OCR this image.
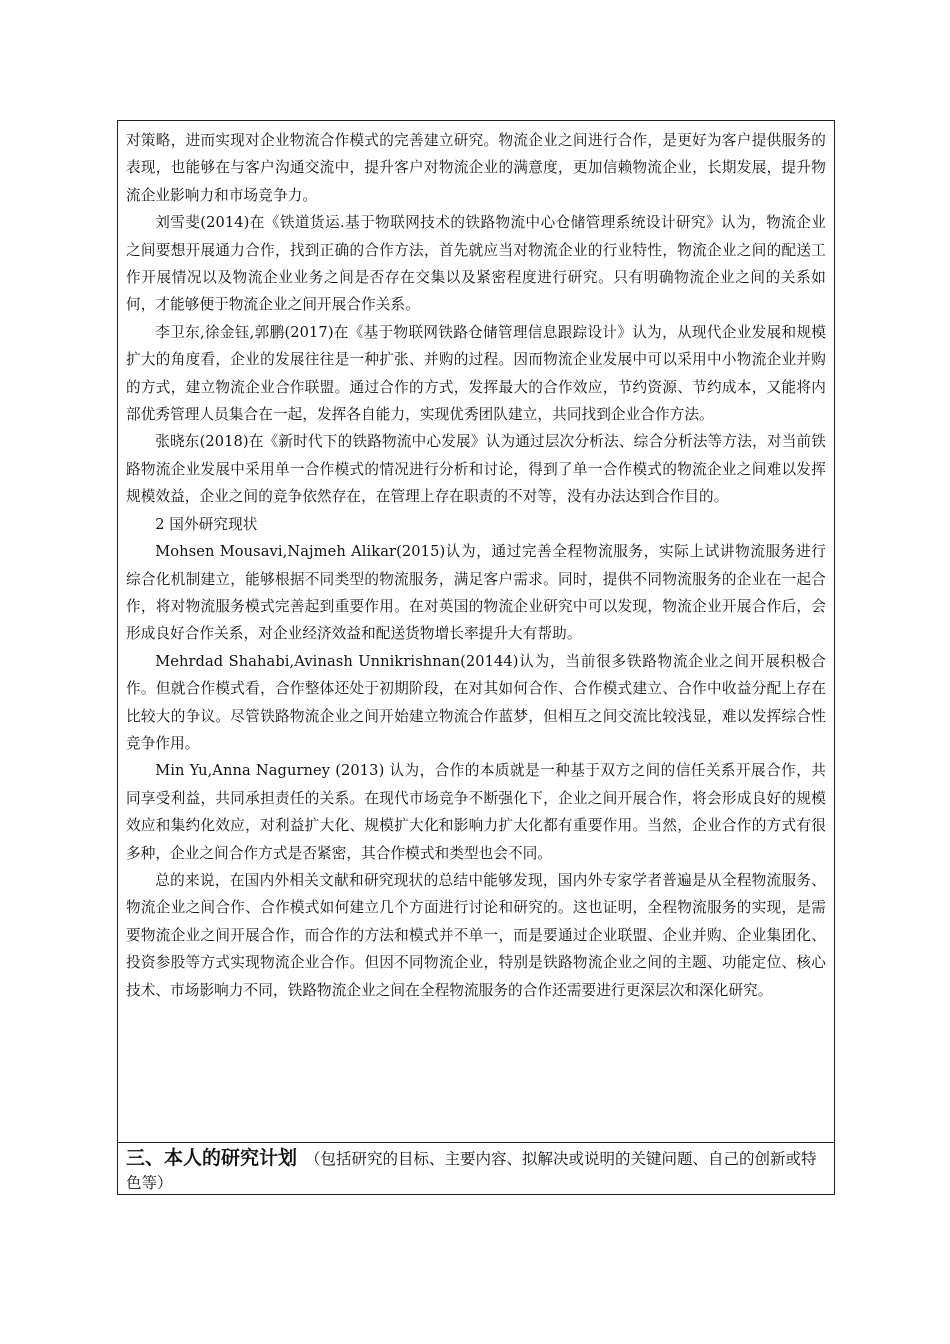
对策略，进而实现对企业物流合作模式的完善建立研究。物流企业之间进行合作，是更好为客户提供服务的表现，也能够在与客户沟通交流中，提升客户对物流企业的满意度，更加信赖物流企业，长期发展，提升物流企业影响力和市场竞争力。

刘雪斐(2014)在《铁道货运.基于物联网技术的铁路物流中心仓储管理系统设计研究》认为，物流企业之间要想开展通力合作，找到正确的合作方法，首先就应当对物流企业的行业特性，物流企业之间的配送工作开展情况以及物流企业业务之间是否存在交集以及紧密程度进行研究。只有明确物流企业之间的关系如何，才能够便于物流企业之间开展合作关系。

李卫东,徐金钰,郭鹏(2017)在《基于物联网铁路仓储管理信息跟踪设计》认为，从现代企业发展和规模扩大的角度看，企业的发展往往是一种扩张、并购的过程。因而物流企业发展中可以采用中小物流企业并购的方式，建立物流企业合作联盟。通过合作的方式，发挥最大的合作效应，节约资源、节约成本，又能将内部优秀管理人员集合在一起，发挥各自能力，实现优秀团队建立，共同找到企业合作方法。

张晓东(2018)在《新时代下的铁路物流中心发展》认为通过层次分析法、综合分析法等方法，对当前铁路物流企业发展中采用单一合作模式的情况进行分析和讨论，得到了单一合作模式的物流企业之间难以发挥规模效益，企业之间的竞争依然存在，在管理上存在职责的不对等，没有办法达到合作目的。

2 国外研究现状

Mohsen Mousavi,Najmeh Alikar(2015)认为，通过完善全程物流服务，实际上试讲物流服务进行综合化机制建立，能够根据不同类型的物流服务，满足客户需求。同时，提供不同物流服务的企业在一起合作，将对物流服务模式完善起到重要作用。在对英国的物流企业研究中可以发现，物流企业开展合作后，会形成良好合作关系，对企业经济效益和配送货物增长率提升大有帮助。

Mehrdad Shahabi,Avinash Unnikrishnan(20144)认为，当前很多铁路物流企业之间开展积极合作。但就合作模式看，合作整体还处于初期阶段，在对其如何合作、合作模式建立、合作中收益分配上存在比较大的争议。尽管铁路物流企业之间开始建立物流合作蓝梦，但相互之间交流比较浅显，难以发挥综合性竞争作用。

Min Yu,Anna Nagurney (2013) 认为，合作的本质就是一种基于双方之间的信任关系开展合作，共同享受利益，共同承担责任的关系。在现代市场竞争不断强化下，企业之间开展合作，将会形成良好的规模效应和集约化效应，对利益扩大化、规模扩大化和影响力扩大化都有重要作用。当然，企业合作的方式有很多种，企业之间合作方式是否紧密，其合作模式和类型也会不同。

总的来说，在国内外相关文献和研究现状的总结中能够发现，国内外专家学者普遍是从全程物流服务、物流企业之间合作、合作模式如何建立几个方面进行讨论和研究的。这也证明，全程物流服务的实现，是需要物流企业之间开展合作，而合作的方法和模式并不单一，而是要通过企业联盟、企业并购、企业集团化、投资参股等方式实现物流企业合作。但因不同物流企业，特别是铁路物流企业之间的主题、功能定位、核心技术、市场影响力不同，铁路物流企业之间在全程物流服务的合作还需要进行更深层次和深化研究。

三、本人的研究计划 （包括研究的目标、主要内容、拟解决或说明的关键问题、自己的创新或特色等）
